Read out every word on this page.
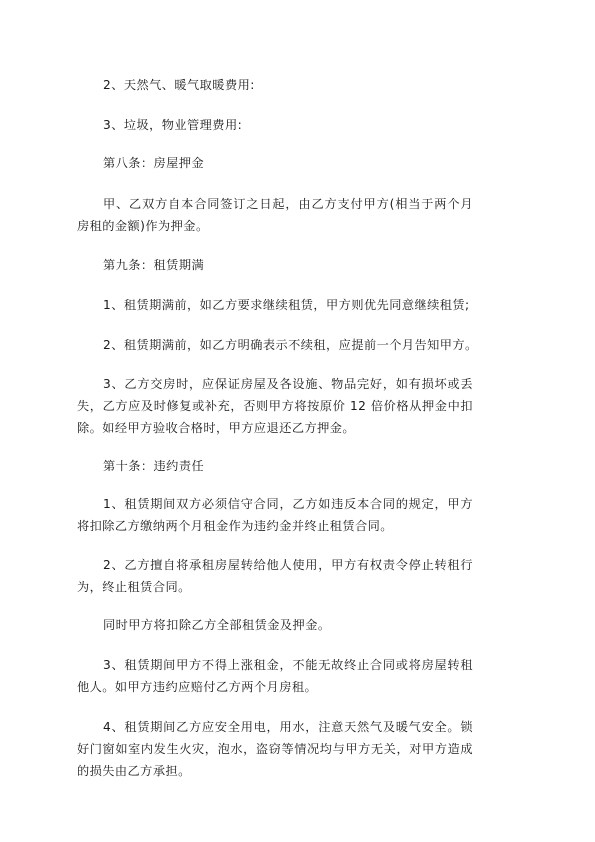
2、天然气、暖气取暖费用:

3、垃圾，物业管理费用:

第八条：房屋押金

甲、乙双方自本合同签订之日起，由乙方支付甲方(相当于两个月房租的金额)作为押金。

第九条：租赁期满

1、租赁期满前，如乙方要求继续租赁，甲方则优先同意继续租赁;

2、租赁期满前，如乙方明确表示不续租，应提前一个月告知甲方。

3、乙方交房时，应保证房屋及各设施、物品完好，如有损坏或丢失，乙方应及时修复或补充，否则甲方将按原价 12 倍价格从押金中扣除。如经甲方验收合格时，甲方应退还乙方押金。

第十条：违约责任

1、租赁期间双方必须信守合同，乙方如违反本合同的规定，甲方将扣除乙方缴纳两个月租金作为违约金并终止租赁合同。

2、乙方擅自将承租房屋转给他人使用，甲方有权责令停止转租行为，终止租赁合同。

同时甲方将扣除乙方全部租赁金及押金。

3、租赁期间甲方不得上涨租金，不能无故终止合同或将房屋转租他人。如甲方违约应赔付乙方两个月房租。

4、租赁期间乙方应安全用电，用水，注意天然气及暖气安全。锁好门窗如室内发生火灾，泡水，盗窃等情况均与甲方无关，对甲方造成的损失由乙方承担。
